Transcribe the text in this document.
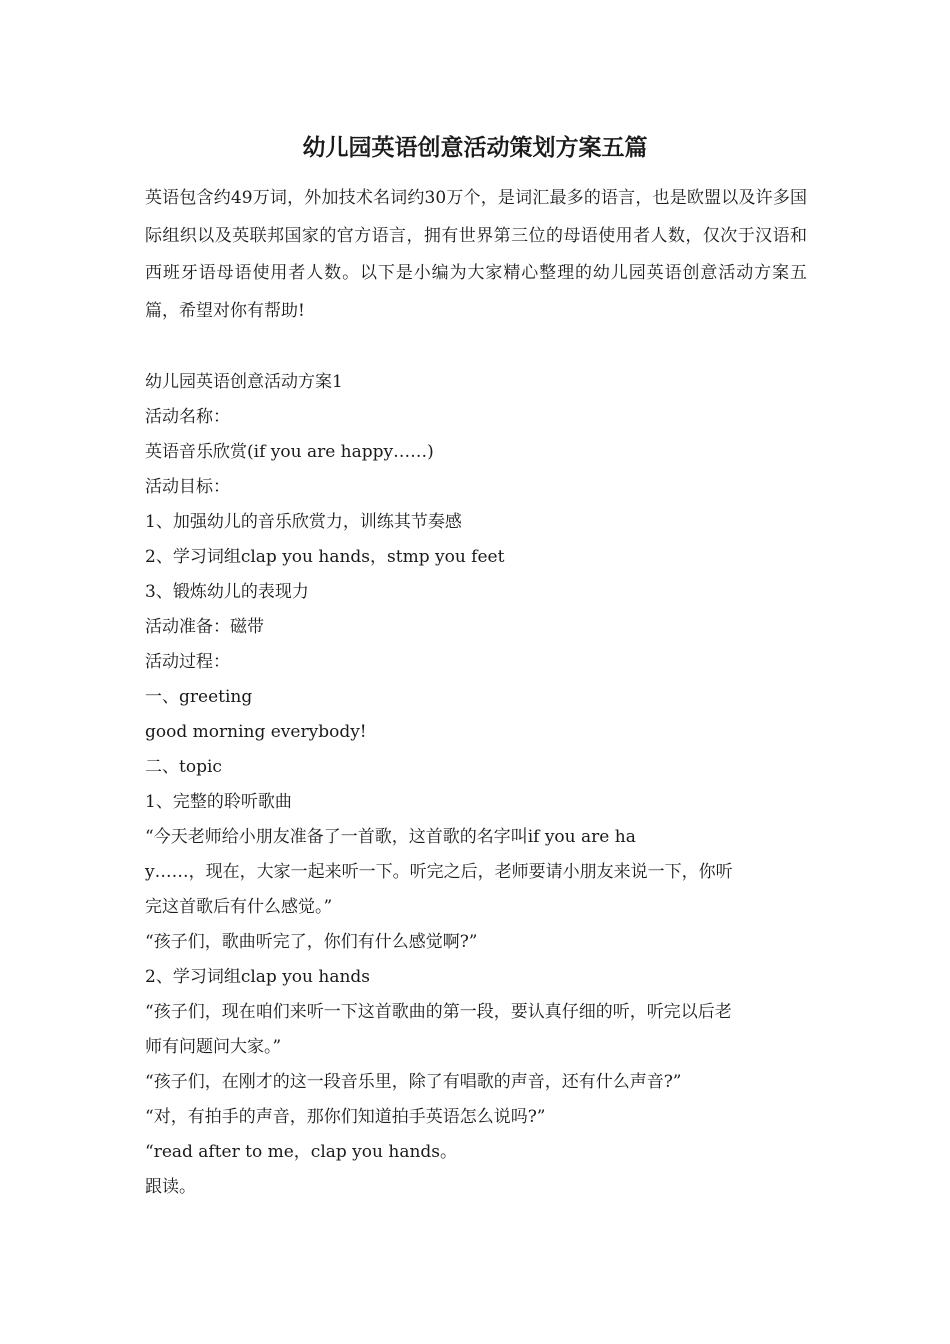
幼儿园英语创意活动策划方案五篇

英语包含约49万词，外加技术名词约30万个，是词汇最多的语言，也是欧盟以及许多国际组织以及英联邦国家的官方语言，拥有世界第三位的母语使用者人数，仅次于汉语和西班牙语母语使用者人数。以下是小编为大家精心整理的幼儿园英语创意活动方案五篇，希望对你有帮助!

幼儿园英语创意活动方案1
活动名称：
英语音乐欣赏(if you are happy……)
活动目标：
1、加强幼儿的音乐欣赏力，训练其节奏感
2、学习词组clap you hands，stmp you feet
3、锻炼幼儿的表现力
活动准备：磁带
活动过程：
一、greeting
good morning everybody!
二、topic
1、完整的聆听歌曲
“今天老师给小朋友准备了一首歌，这首歌的名字叫if you are ha
y……，现在，大家一起来听一下。听完之后，老师要请小朋友来说一下，你听
完这首歌后有什么感觉。”
“孩子们，歌曲听完了，你们有什么感觉啊?”
2、学习词组clap you hands
“孩子们，现在咱们来听一下这首歌曲的第一段，要认真仔细的听，听完以后老
师有问题问大家。”
“孩子们，在刚才的这一段音乐里，除了有唱歌的声音，还有什么声音?”
“对，有拍手的声音，那你们知道拍手英语怎么说吗?”
“read after to me，clap you hands。
跟读。
